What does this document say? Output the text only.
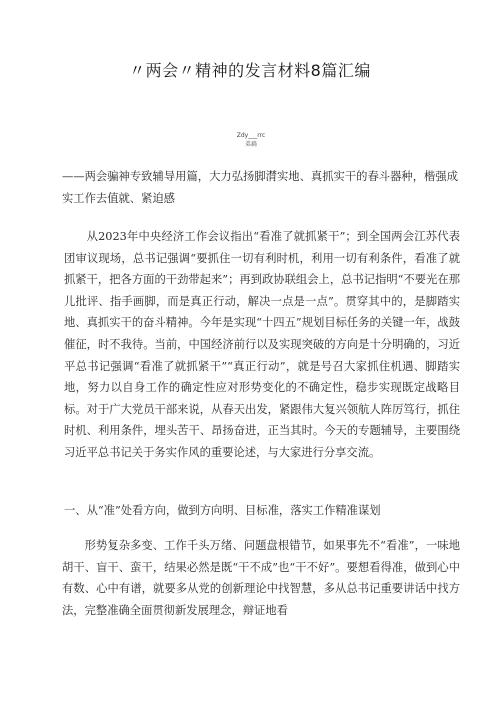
〃两会〃精神的发言材料8篇汇编
Zdy___rrc
弟扁

——两会骗神专致辅导用篇，大力弘扬脚潸实地、真抓实干的春斗器种，楷强成实工作去值就、紧迫感

从2023年中央经济工作会议指出“看准了就抓紧干”；到全国两会江苏代表团审议现场，总书记强调“要抓住一切有利时机，利用一切有利条件，看准了就抓紧干，把各方面的干劲带起来”；再到政协联组会上，总书记指明“不要光在那儿批评、指手画脚，而是真正行动，解决一点是一点”。贯穿其中的，是脚踏实地、真抓实干的奋斗精神。今年是实现“十四五”规划目标任务的关键一年，战鼓催征，时不我待。当前，中国经济前行以及实现突破的方向是十分明确的，习近平总书记强调“看准了就抓紧干”“真正行动”，就是号召大家抓住机遇、脚踏实地，努力以自身工作的确定性应对形势变化的不确定性，稳步实现既定战略目标。对于广大党员干部来说，从春天出发，紧跟伟大复兴领航人阵厉笃行，抓住时机、利用条件，埋头苦干、昂扬奋进，正当其时。今天的专题辅导，主要围绕习近平总书记关于务实作风的重要论述，与大家进行分享交流。

一、从“准”处看方向，做到方向明、目标准，落实工作精准谋划

形势复杂多变、工作千头万绪、问题盘根错节，如果事先不“看准”，一味地胡干、盲干、蛮干，结果必然是既“干不成”也“干不好”。要想看得准，做到心中有数、心中有谱，就要多从党的创新理论中找智慧，多从总书记重要讲话中找方法，完整准确全面贯彻新发展理念，辩证地看
